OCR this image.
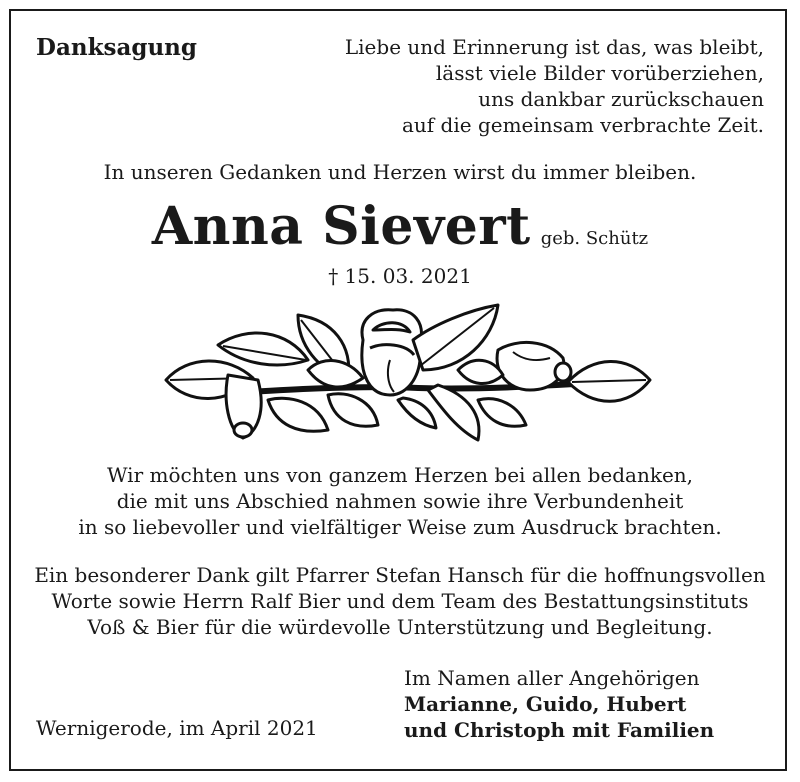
Danksagung	Liebe und Erinnerung ist das, was bleibt,
lässt viele Bilder vorüberziehen,
uns dankbar zurückschauen
auf die gemeinsam verbrachte Zeit.
In unseren Gedanken und Herzen wirst du immer bleiben.
Anna Sievert geb. Schütz
† 15. 03. 2021
Wir möchten uns von ganzem Herzen bei allen bedanken,
die mit uns Abschied nahmen sowie ihre Verbundenheit
in so liebevoller und vielfältiger Weise zum Ausdruck brachten.
Ein besonderer Dank gilt Pfarrer Stefan Hansch für die hoffnungsvollen
Worte sowie Herrn Ralf Bier und dem Team des Bestattungsinstituts
Voß & Bier für die würdevolle Unterstützung und Begleitung.
Wernigerode, im April 2021
Im Namen aller Angehörigen
Marianne, Guido, Hubert
und Christoph mit Familien
